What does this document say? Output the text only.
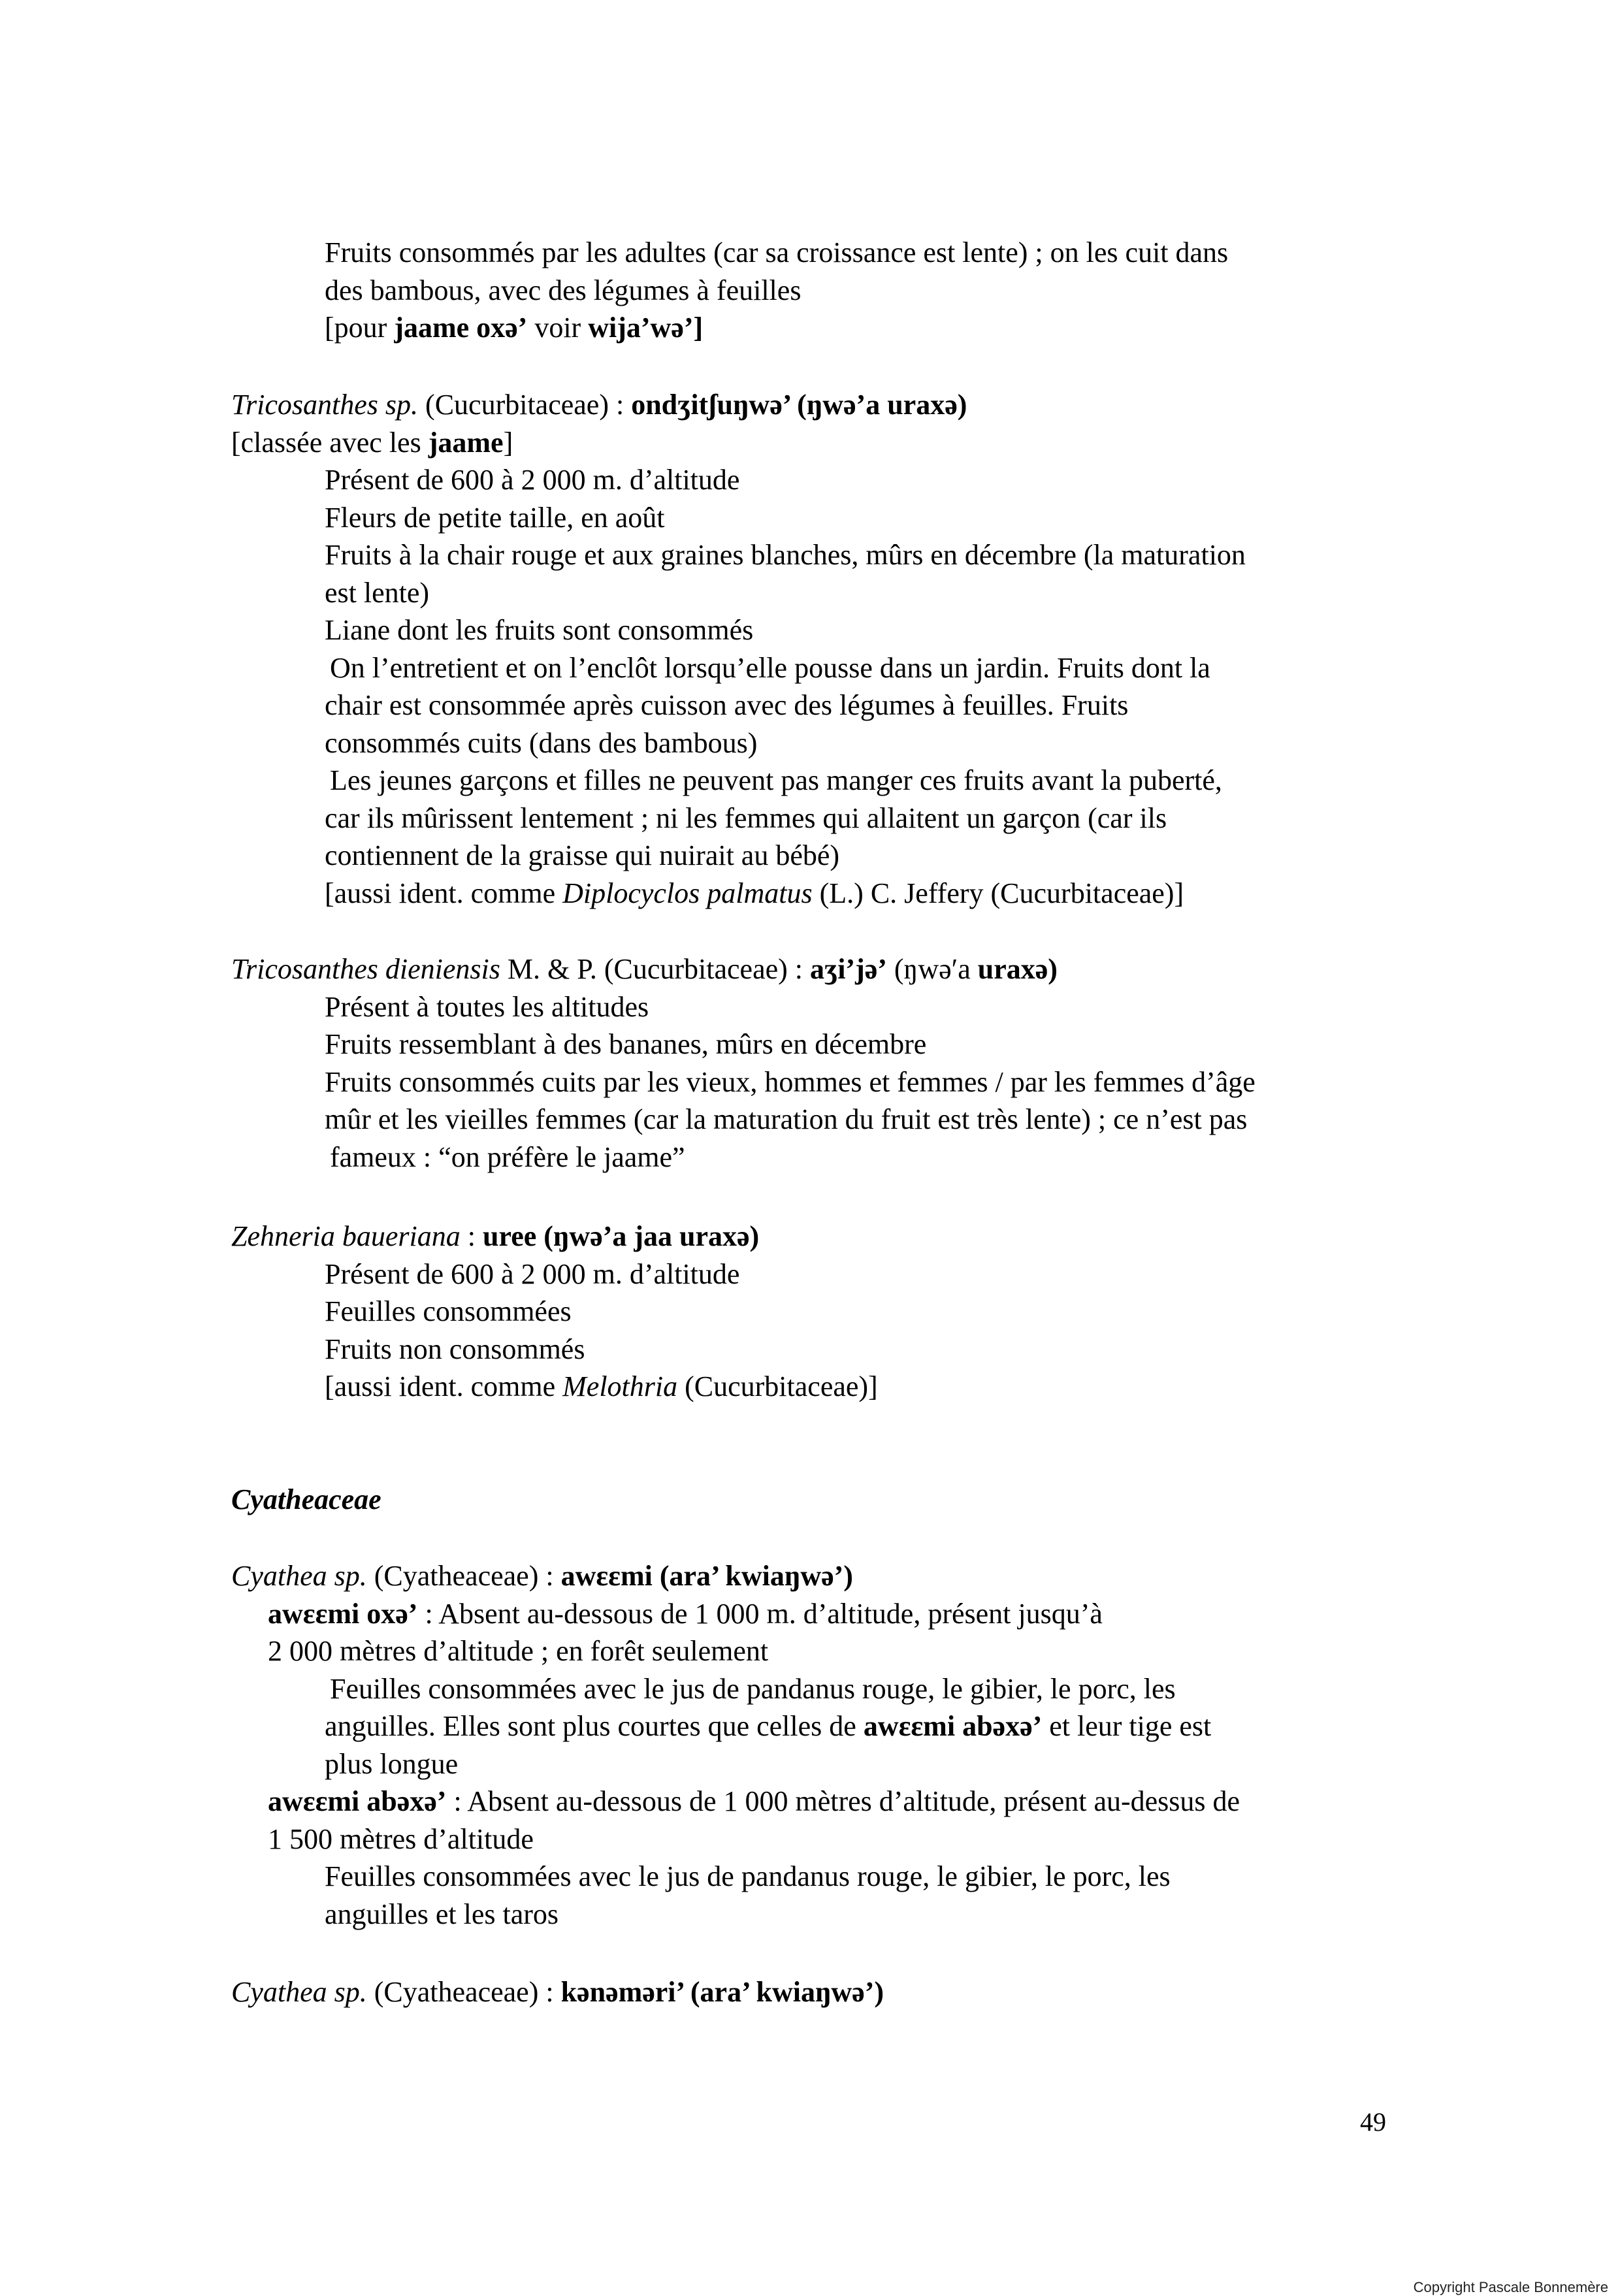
Fruits consommés par les adultes (car sa croissance est lente) ; on les cuit dans
des bambous, avec des légumes à feuilles
[pour jaame oxə’ voir wija’wə’]
Tricosanthes sp. (Cucurbitaceae) : ondʒitʃuŋwə’ (ŋwə’a uraxə)
[classée avec les jaame]
Présent de 600 à 2 000 m. d’altitude
Fleurs de petite taille, en août
Fruits à la chair rouge et aux graines blanches, mûrs en décembre (la maturation
est lente)
Liane dont les fruits sont consommés
On l’entretient et on l’enclôt lorsqu’elle pousse dans un jardin. Fruits dont la
chair est consommée après cuisson avec des légumes à feuilles. Fruits
consommés cuits (dans des bambous)
Les jeunes garçons et filles ne peuvent pas manger ces fruits avant la puberté,
car ils mûrissent lentement ; ni les femmes qui allaitent un garçon (car ils
contiennent de la graisse qui nuirait au bébé)
[aussi ident. comme Diplocyclos palmatus (L.) C. Jeffery (Cucurbitaceae)]
Tricosanthes dieniensis M. & P. (Cucurbitaceae) : aʒi’jə’ (ŋwəʹa uraxə)
Présent à toutes les altitudes
Fruits ressemblant à des bananes, mûrs en décembre
Fruits consommés cuits par les vieux, hommes et femmes / par les femmes d’âge
mûr et les vieilles femmes (car la maturation du fruit est très lente) ; ce n’est pas
fameux : “on préfère le jaame”
Zehneria baueriana : uree (ŋwə’a jaa uraxə)
Présent de 600 à 2 000 m. d’altitude
Feuilles consommées
Fruits non consommés
[aussi ident. comme Melothria (Cucurbitaceae)]
Cyatheaceae
Cyathea sp. (Cyatheaceae) : awεεmi (ara’ kwiaŋwə’)
awεεmi oxə’ : Absent au-dessous de 1 000 m. d’altitude, présent jusqu’à
2 000 mètres d’altitude ; en forêt seulement
Feuilles consommées avec le jus de pandanus rouge, le gibier, le porc, les
anguilles. Elles sont plus courtes que celles de awεεmi abəxə’ et leur tige est
plus longue
awεεmi abəxə’ : Absent au-dessous de 1 000 mètres d’altitude, présent au-dessus de
1 500 mètres d’altitude
Feuilles consommées avec le jus de pandanus rouge, le gibier, le porc, les
anguilles et les taros
Cyathea sp. (Cyatheaceae) : kənəməri’ (ara’ kwiaŋwə’)
49
Copyright Pascale Bonnemère
